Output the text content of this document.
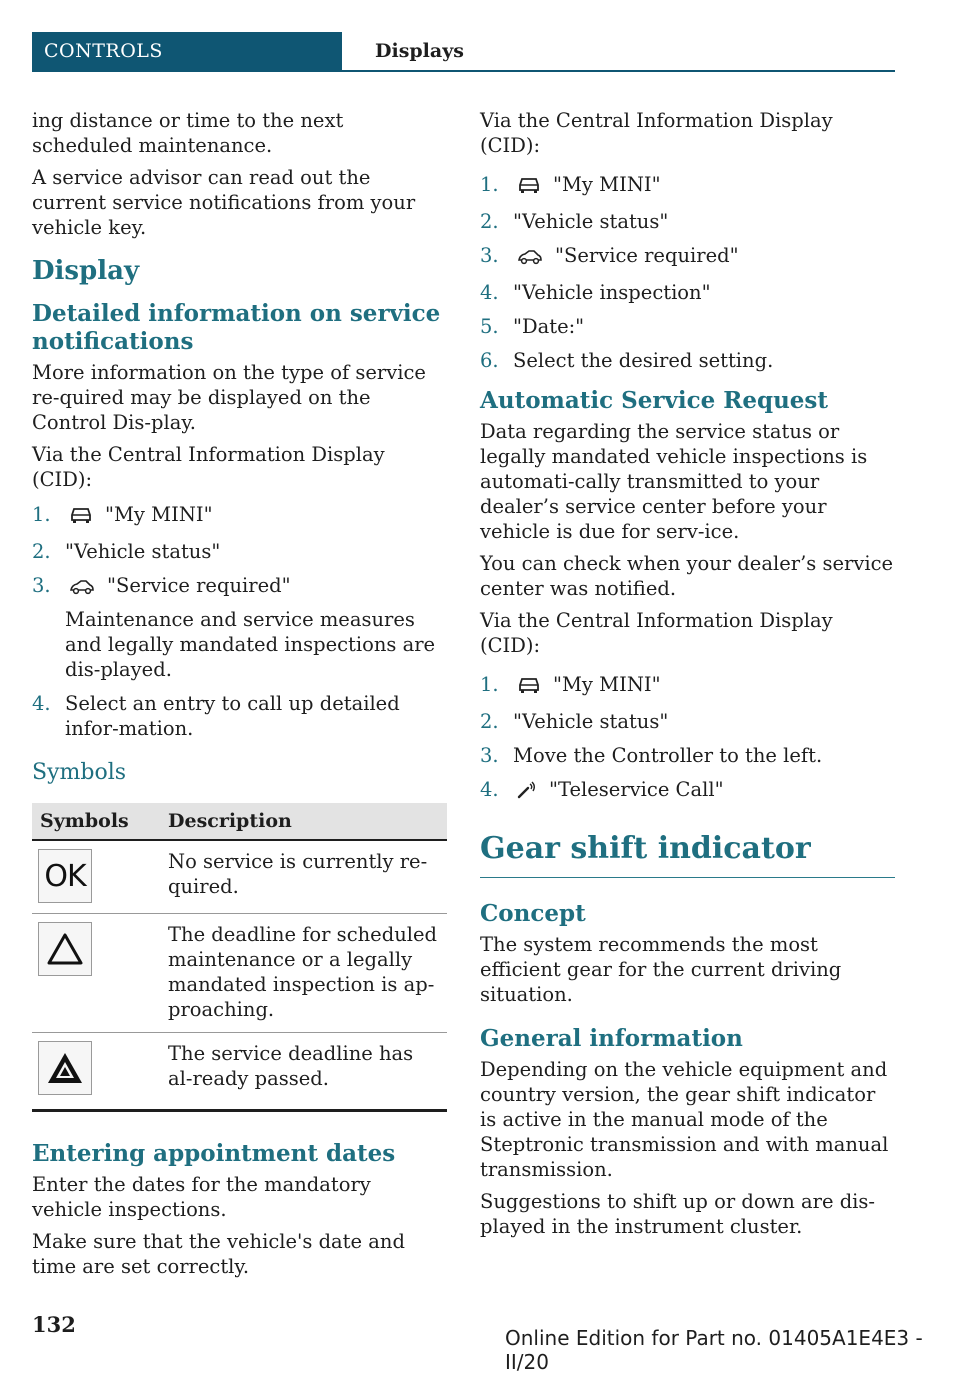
CONTROLS	Displays

ing distance or time to the next scheduled maintenance.

A service advisor can read out the current service notifications from your vehicle key.

Display
Detailed information on service notifications

More information on the type of service re‐quired may be displayed on the Control Dis‐play.

Via the Central Information Display (CID):

1.	"My MINI"
2. "Vehicle status"
3.	"Service required"
Maintenance and service measures and legally mandated inspections are dis‐played.
4. Select an entry to call up detailed infor‐mation.
Symbols
Symbols	Description

OK	No service is currently re‐quired.

	The deadline for scheduled maintenance or a legally mandated inspection is ap‐proaching.

	The service deadline has al‐ready passed.
Entering appointment dates

Enter the dates for the mandatory vehicle inspections.

Make sure that the vehicle's date and time are set correctly.

Via the Central Information Display (CID):

1.	"My MINI"
2. "Vehicle status"
3.	"Service required"
4. "Vehicle inspection"
5. "Date:"
6. Select the desired setting.
Automatic Service Request

Data regarding the service status or legally mandated vehicle inspections is automati‐cally transmitted to your dealer’s service center before your vehicle is due for serv‐ice.

You can check when your dealer’s service center was notified.

Via the Central Information Display (CID):

1.	"My MINI"
2. "Vehicle status"
3. Move the Controller to the left.
4.	"Teleservice Call"
Gear shift indicator
Concept

The system recommends the most efficient gear for the current driving situation.

General information

Depending on the vehicle equipment and country version, the gear shift indicator is active in the manual mode of the Steptronic transmission and with manual transmission.

Suggestions to shift up or down are dis‐played in the instrument cluster.

132
Online Edition for Part no. 01405A1E4E3 - II/20
